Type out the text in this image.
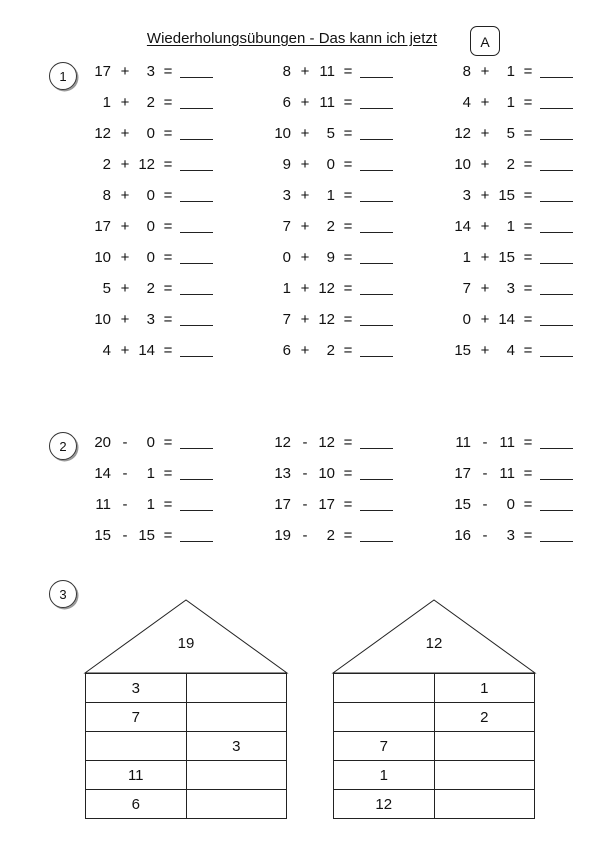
Wiederholungsübungen - Das kann ich jetzt	A
1
2
3
17 +	3 =
1 +	2 =
12 +	0 =
2 + 12 =
8 +	0 =
17 +	0 =
10 +	0 =
5 +	2 =
10 +	3 =
4 + 14 =
8 + 11 =
6 + 11 =
10 +	5 =
9 +	0 =
3 +	1 =
7 +	2 =
0 +	9 =
1 + 12 =
7 + 12 =
6 +	2 =
8 +	1 =
4 +	1 =
12 +	5 =
10 +	2 =
3 + 15 =
14 +	1 =
1 + 15 =
7 +	3 =
0 + 14 =
15 +	4 =
20 -	0 =
14 -	1 =
11 -	1 =
15 - 15 =
12 - 12 =
13 - 10 =
17 - 17 =
19 -	2 =
11 - 11 =
17 - 11 =
15 -	0 =
16 -	3 =
19
3	
7	
	3
11	
6	
12
	1
	2
7	
1	
12	
